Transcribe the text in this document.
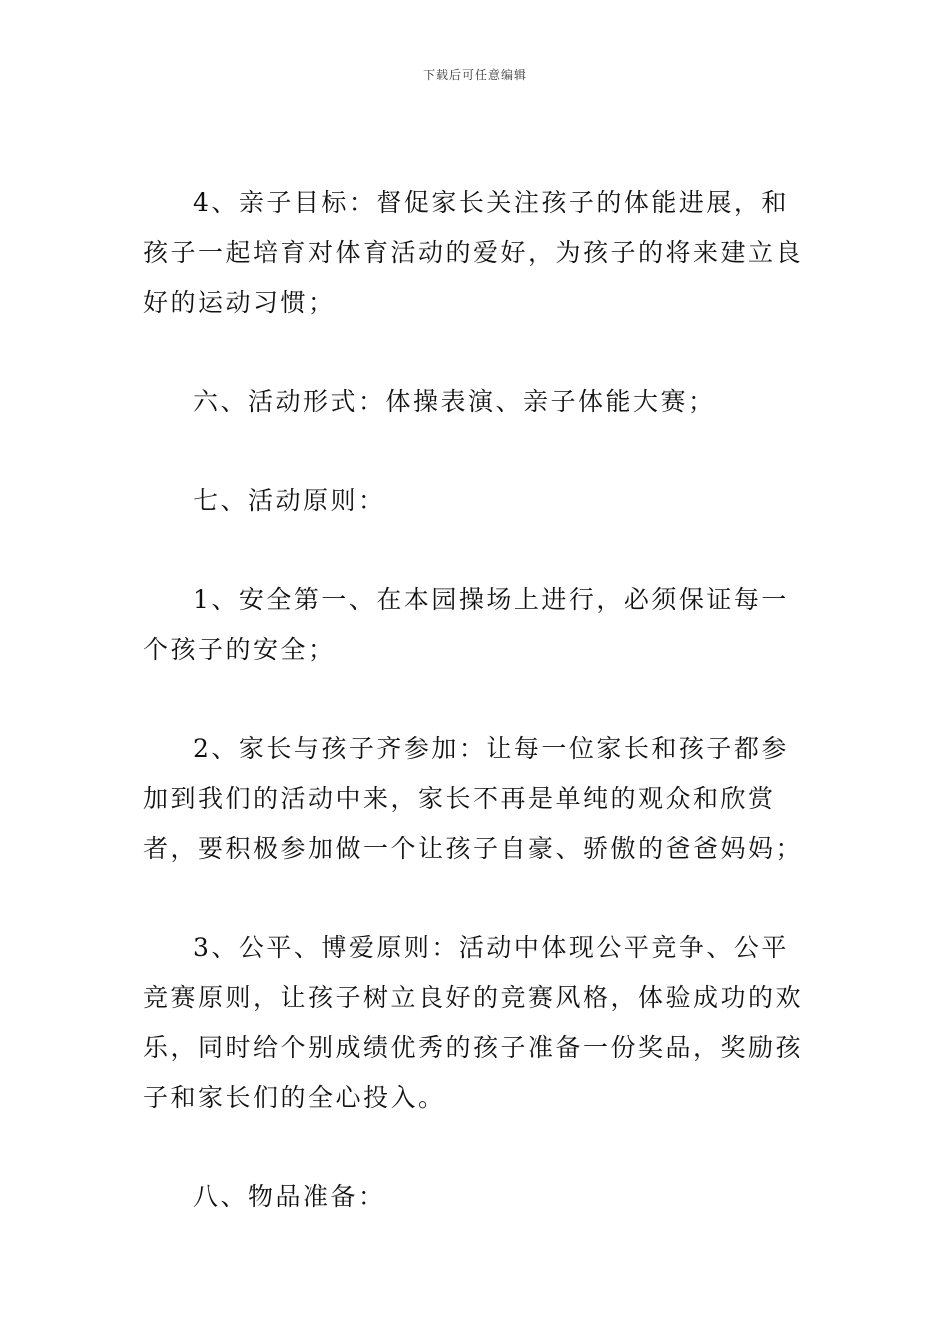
下载后可任意编辑

4、亲子目标：督促家长关注孩子的体能进展，和孩子一起培育对体育活动的爱好，为孩子的将来建立良好的运动习惯；

六、活动形式：体操表演、亲子体能大赛；

七、活动原则：

1、安全第一、在本园操场上进行，必须保证每一个孩子的安全；

2、家长与孩子齐参加：让每一位家长和孩子都参加到我们的活动中来，家长不再是单纯的观众和欣赏者，要积极参加做一个让孩子自豪、骄傲的爸爸妈妈；

3、公平、博爱原则：活动中体现公平竞争、公平竞赛原则，让孩子树立良好的竞赛风格，体验成功的欢乐，同时给个别成绩优秀的孩子准备一份奖品，奖励孩子和家长们的全心投入。

八、物品准备：
